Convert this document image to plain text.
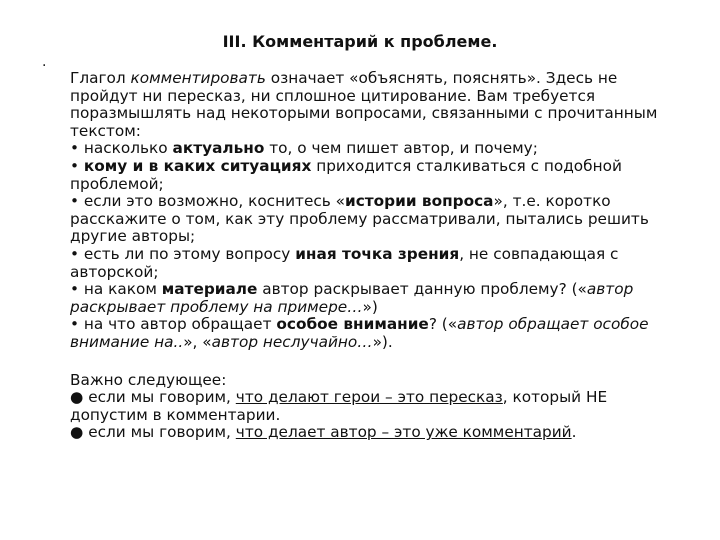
III. Комментарий к проблеме.
.

Глагол комментировать означает «объяснять, пояснять». Здесь не пройдут ни пересказ, ни сплошное цитирование. Вам требуется поразмышлять над некоторыми вопросами, связанными с прочитанным текстом:

• насколько актуально то, о чем пишет автор, и почему;

• кому и в каких ситуациях приходится сталкиваться с подобной проблемой;

• если это возможно, коснитесь «истории вопроса», т.е. коротко расскажите о том, как эту проблему рассматривали, пытались решить другие авторы;

• есть ли по этому вопросу иная точка зрения, не совпадающая с авторской;

• на каком материале автор раскрывает данную проблему? («автор раскрывает проблему на примере…»)

• на что автор обращает особое внимание? («автор обращает особое внимание на..», «автор неслучайно…»).

Важно следующее:

● если мы говорим, что делают герои – это пересказ, который НЕ допустим в комментарии.

● если мы говорим, что делает автор – это уже комментарий.
